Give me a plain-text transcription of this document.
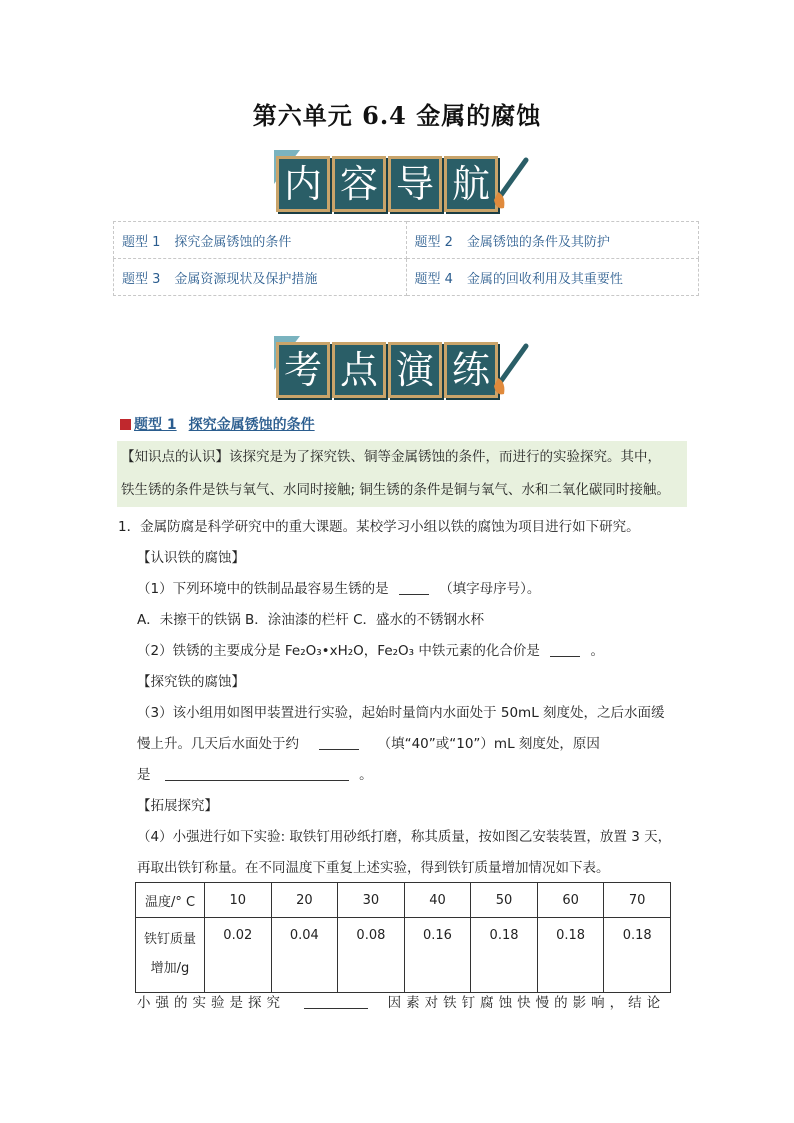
第六单元 6.4 金属的腐蚀
内 容 导 航
题型 1 探究金属锈蚀的条件	题型 2 金属锈蚀的条件及其防护
题型 3 金属资源现状及保护措施	题型 4 金属的回收利用及其重要性
考 点 演 练
题型 1 探究金属锈蚀的条件
【知识点的认识】该探究是为了探究铁、铜等金属锈蚀的条件，而进行的实验探究。其中，
铁生锈的条件是铁与氧气、水同时接触; 铜生锈的条件是铜与氧气、水和二氧化碳同时接触。
1．金属防腐是科学研究中的重大课题。某校学习小组以铁的腐蚀为项目进行如下研究。
【认识铁的腐蚀】
（1）下列环境中的铁制品最容易生锈的是	（填字母序号）。
A．未擦干的铁锅 B．涂油漆的栏杆 C．盛水的不锈钢水杯
（2）铁锈的主要成分是 Fe₂O₃•xH₂O，Fe₂O₃ 中铁元素的化合价是	。
【探究铁的腐蚀】
（3）该小组用如图甲装置进行实验，起始时量筒内水面处于 50mL 刻度处，之后水面缓
慢上升。几天后水面处于约	（填“40”或“10”）mL 刻度处，原因
是	。
【拓展探究】
（4）小强进行如下实验: 取铁钉用砂纸打磨，称其质量，按如图乙安装装置，放置 3 天，
再取出铁钉称量。在不同温度下重复上述实验，得到铁钉质量增加情况如下表。
温度/° C	10	20	30	40	50	60	70

铁钉质量
增加/g	0.02	0.04	0.08	0.16	0.18	0.18	0.18
小强的实验是探究	因素对铁钉腐蚀快慢的影响，结论
